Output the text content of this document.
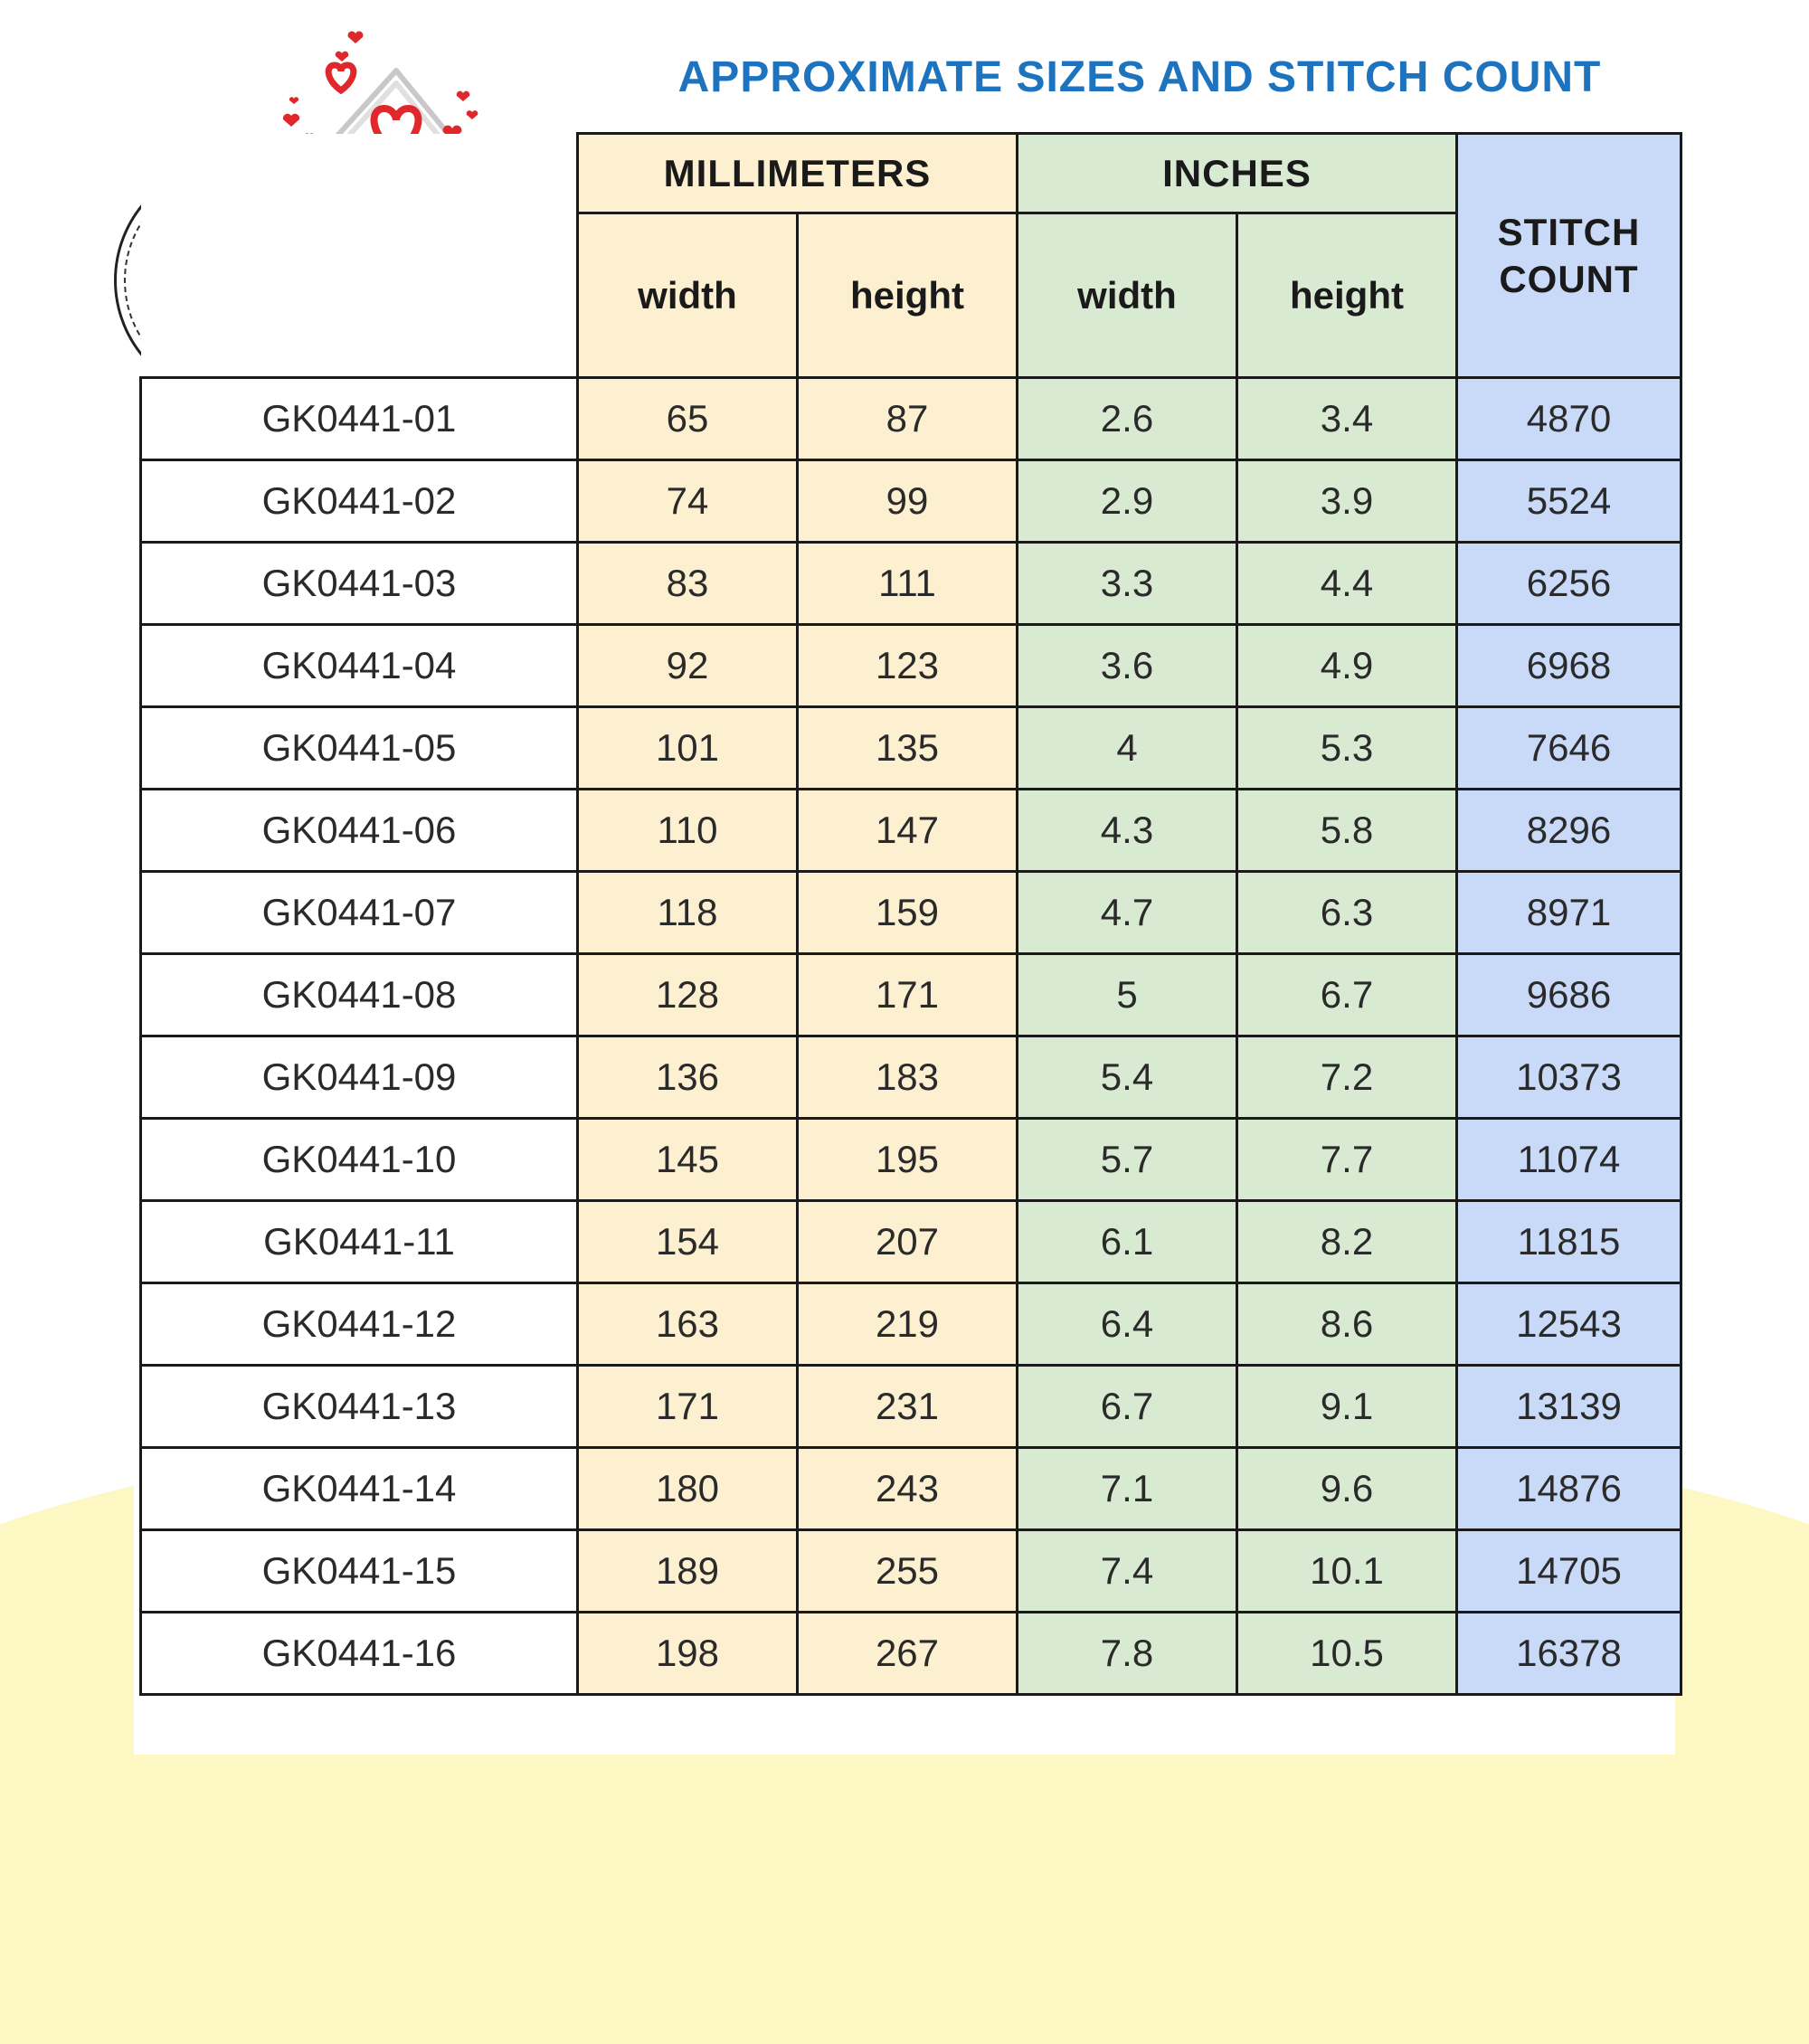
APPROXIMATE SIZES AND STITCH COUNT
G K
applique
	MILLIMETERS		INCHES		STITCH
COUNT

	width	height	width	height	
GK0441-01	65	87	2.6	3.4	4870
GK0441-02	74	99	2.9	3.9	5524
GK0441-03	83	111	3.3	4.4	6256
GK0441-04	92	123	3.6	4.9	6968
GK0441-05	101	135	4	5.3	7646
GK0441-06	110	147	4.3	5.8	8296
GK0441-07	118	159	4.7	6.3	8971
GK0441-08	128	171	5	6.7	9686
GK0441-09	136	183	5.4	7.2	10373
GK0441-10	145	195	5.7	7.7	11074
GK0441-11	154	207	6.1	8.2	11815
GK0441-12	163	219	6.4	8.6	12543
GK0441-13	171	231	6.7	9.1	13139
GK0441-14	180	243	7.1	9.6	14876
GK0441-15	189	255	7.4	10.1	14705
GK0441-16	198	267	7.8	10.5	16378
